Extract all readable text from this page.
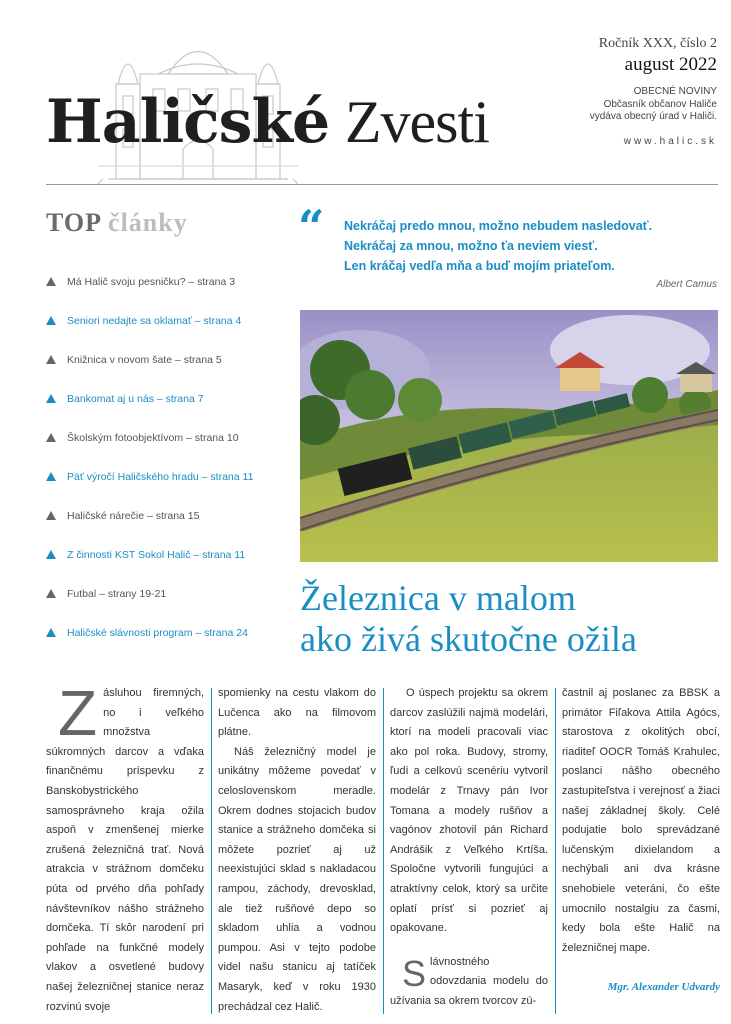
Haličské Zvesti
Ročník XXX, číslo 2
august 2022
OBECNÉ NOVINY
Občasník občanov Haliče
vydáva obecný úrad v Haliči.
www.halic.sk
TOP články
Má Halič svoju pesničku? – strana 3
Seniori nedajte sa oklamať – strana 4
Knižnica v novom šate – strana 5
Bankomat aj u nás – strana 7
Školským fotoobjektívom – strana 10
Päť výročí Haličského hradu – strana 11
Haličské nárečie – strana 15
Z činnosti KST Sokol Halič – strana 11
Futbal – strany 19-21
Haličské slávnosti program – strana 24
“ Nekráčaj predo mnou, možno nebudem nasledovať.
Nekráčaj za mnou, možno ťa neviem viesť.
Len kráčaj vedľa mňa a buď mojím priateľom.
Albert Camus
Železnica v malom
ako živá skutočne ožila
Z ásluhou firemných, no i veľkého množstva súkromných darcov a vďaka finančnému príspevku z Banskobystrického samosprávneho kraja ožila aspoň v zmenšenej mierke zrušená železničná trať. Nová atrakcia v strážnom domčeku púta od prvého dňa pohľady návštevníkov nášho strážneho domčeka. Tí skôr narodení pri pohľade na funkčné modely vlakov a osvetlené budovy našej železničnej stanice neraz rozvinú svoje

spomienky na cestu vlakom do Lučenca ako na filmovom plátne.

Náš železničný model je unikátny môžeme povedať v celoslovenskom meradle. Okrem dodnes stojacich budov stanice a strážneho domčeka si môžete pozrieť aj už neexistujúci sklad s nakladacou rampou, záchody, drevosklad, ale tiež rušňové depo so skladom uhlia a vodnou pumpou. Asi v tejto podobe videl našu stanicu aj tatíček Masaryk, keď v roku 1930 prechádzal cez Halič.

O úspech projektu sa okrem darcov zaslúžili najmä modelári, ktorí na modeli pracovali viac ako pol roka. Budovy, stromy, ľudí a celkovú scenériu vytvoril modelár z Trnavy pán Ivor Tomana a modely rušňov a vagónov zhotovil pán Richard Andrášik z Veľkého Krtíša. Spoločne vytvorili fungujúci a atraktívny celok, ktorý sa určite oplatí prísť si pozrieť aj opakovane.

S lávnostného odovzdania modelu do užívania sa okrem tvorcov zú-

častnil aj poslanec za BBSK a primátor Fiľakova Attila Agócs, starostova z okolitých obcí, riaditeľ OOCR Tomáš Krahulec, poslanci nášho obecného zastupiteľstva i verejnosť a žiaci našej základnej školy. Celé podujatie bolo sprevádzané lučenským dixielandom a nechýbali ani dva krásne snehobiele veteráni, čo ešte umocnilo nostalgiu za časmi, kedy bola ešte Halič na železničnej mape.

Mgr. Alexander Udvardy
